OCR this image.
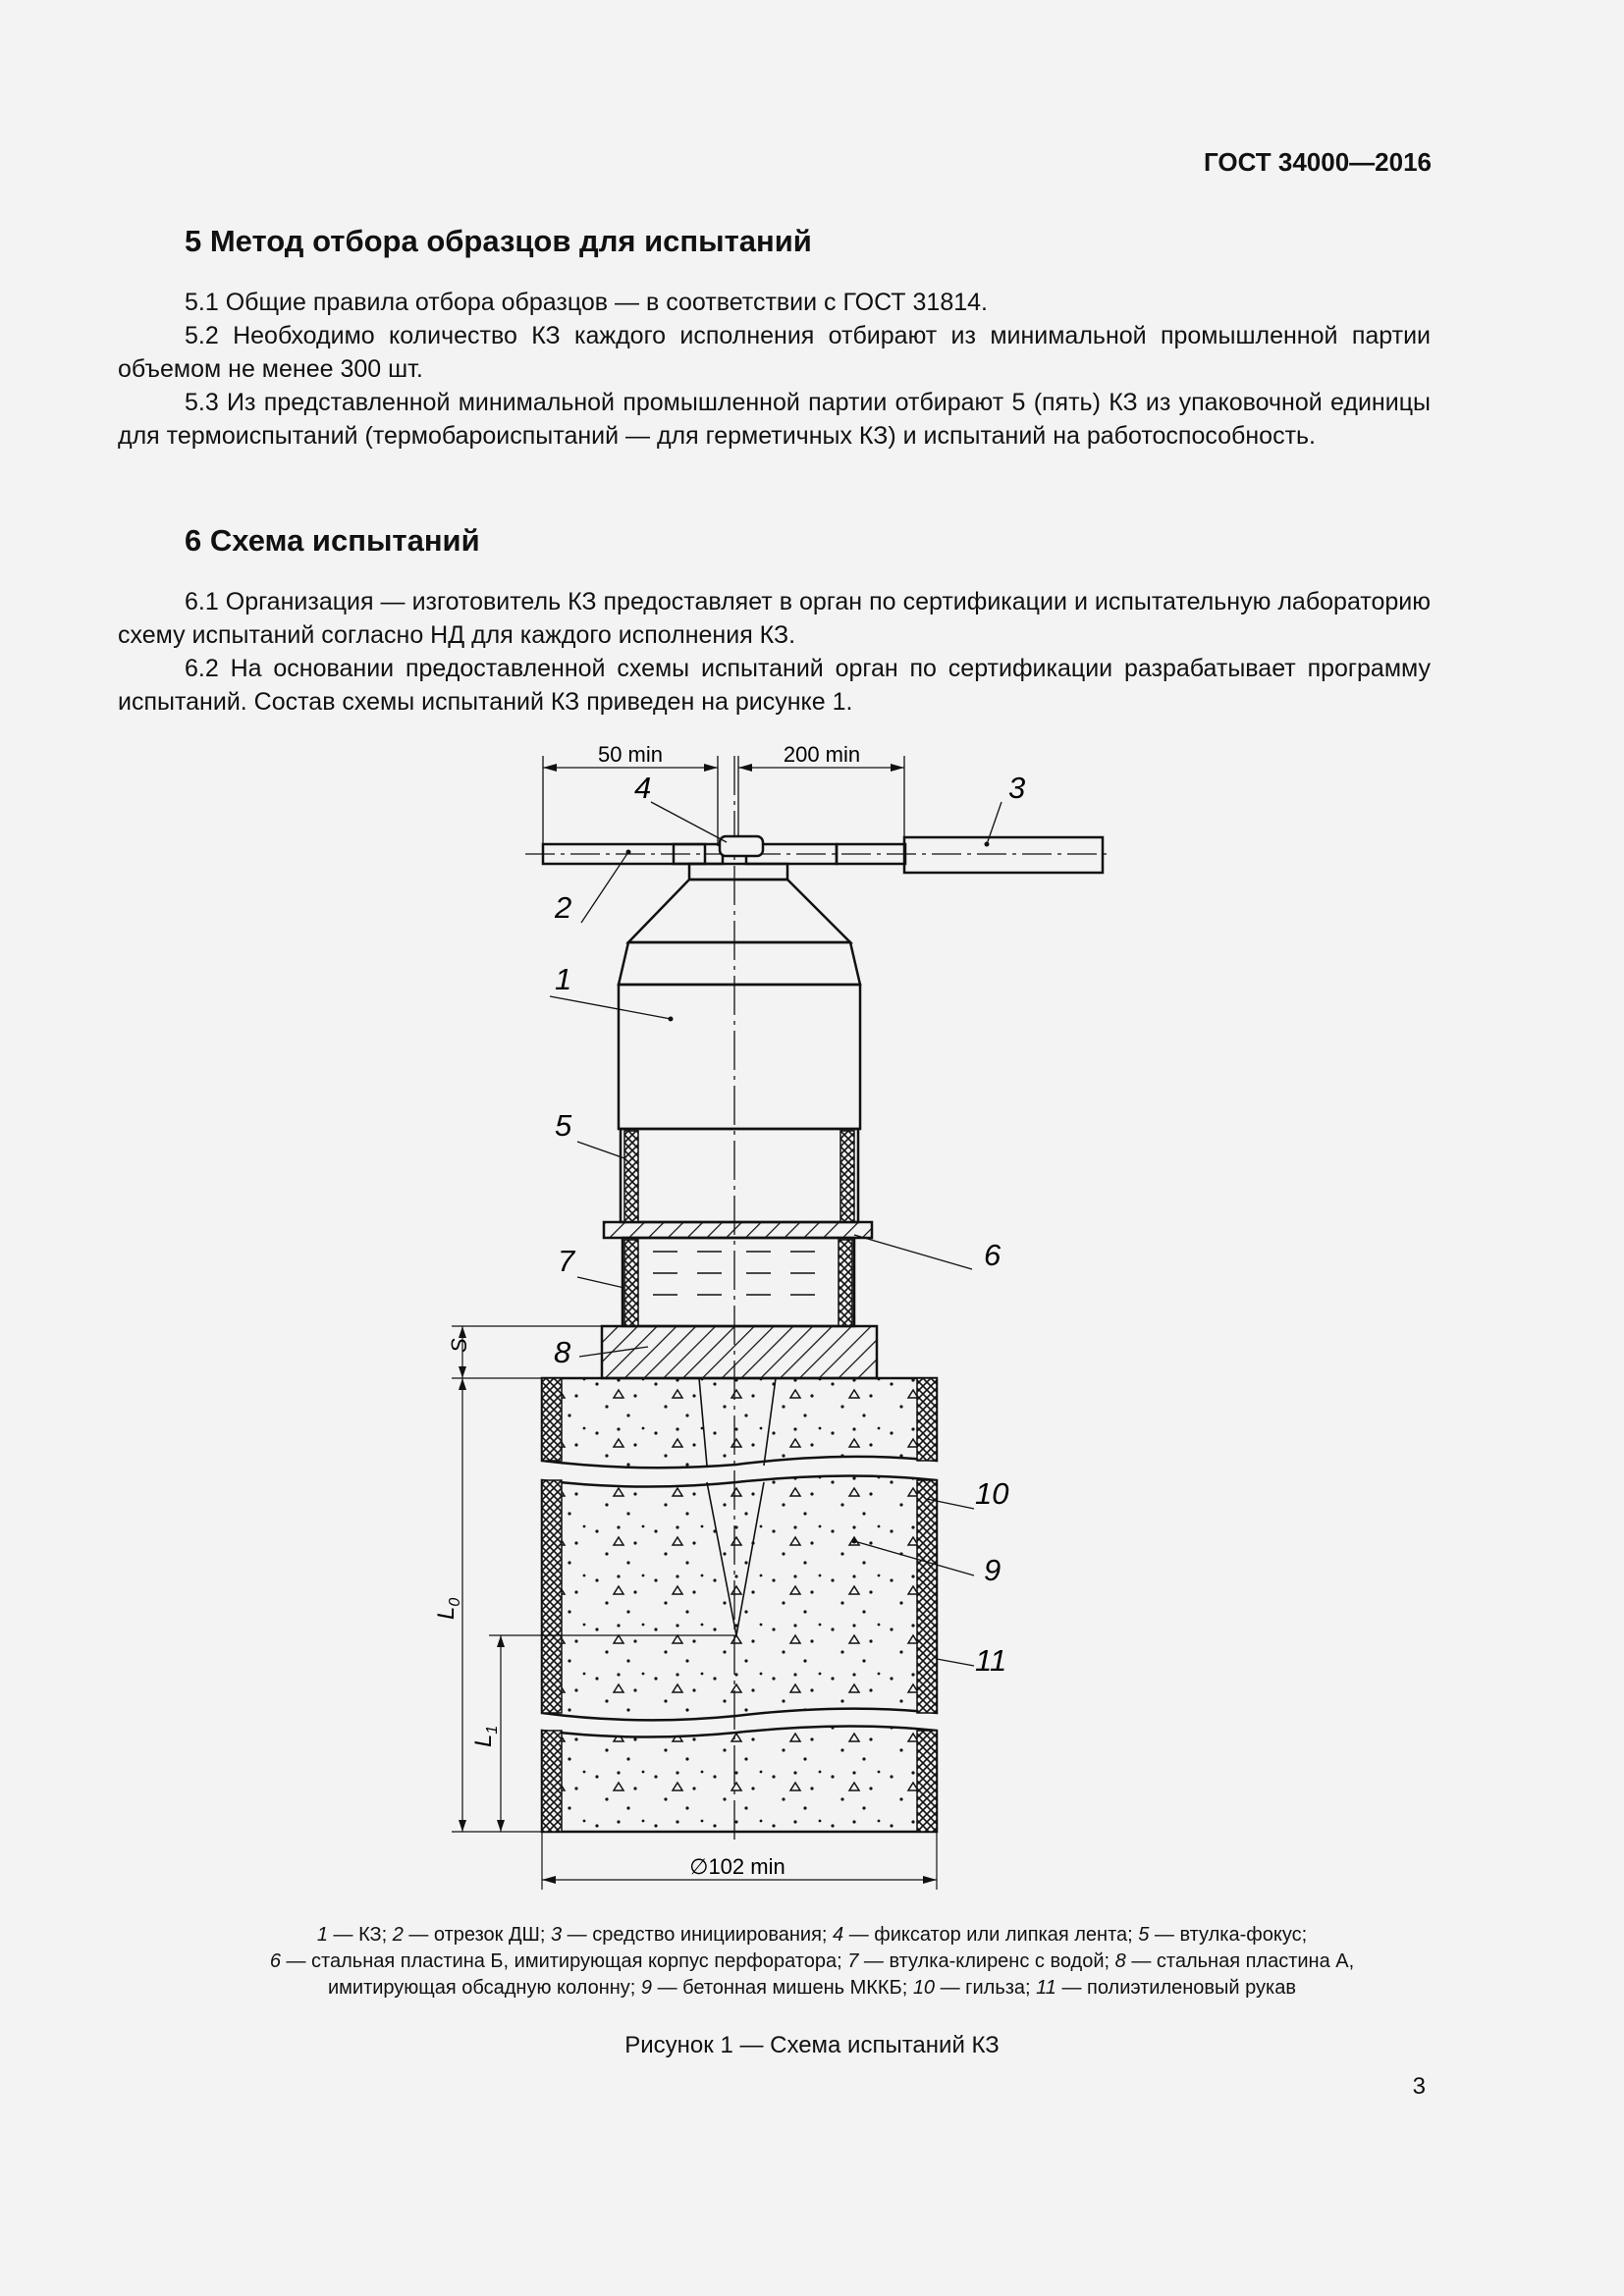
ГОСТ 34000—2016
5 Метод отбора образцов для испытаний

5.1 Общие правила отбора образцов — в соответствии с ГОСТ 31814.

5.2 Необходимо количество КЗ каждого исполнения отбирают из минимальной промышленной партии объемом не менее 300 шт.

5.3 Из представленной минимальной промышленной партии отбирают 5 (пять) КЗ из упаковочной единицы для термоиспытаний (термобароиспытаний — для герметичных КЗ) и испытаний на работоспособность.

6 Схема испытаний

6.1 Организация — изготовитель КЗ предоставляет в орган по сертификации и испытательную лабораторию схему испытаний согласно НД для каждого исполнения КЗ.

6.2 На основании предоставленной схемы испытаний орган по сертификации разрабатывает программу испытаний. Состав схемы испытаний КЗ приведен на рисунке 1.

50 min	200 min
S
$L_0$
$L_1$
∅102 min
1
2
3
4
5
6
7
8
9
10
11
1 — КЗ; 2 — отрезок ДШ; 3 — средство инициирования; 4 — фиксатор или липкая лента; 5 — втулка-фокус;
6 — стальная пластина Б, имитирующая корпус перфоратора; 7 — втулка-клиренс с водой; 8 — стальная пластина А,
имитирующая обсадную колонну; 9 — бетонная мишень МККБ; 10 — гильза; 11 — полиэтиленовый рукав
Рисунок 1 — Схема испытаний КЗ
3
